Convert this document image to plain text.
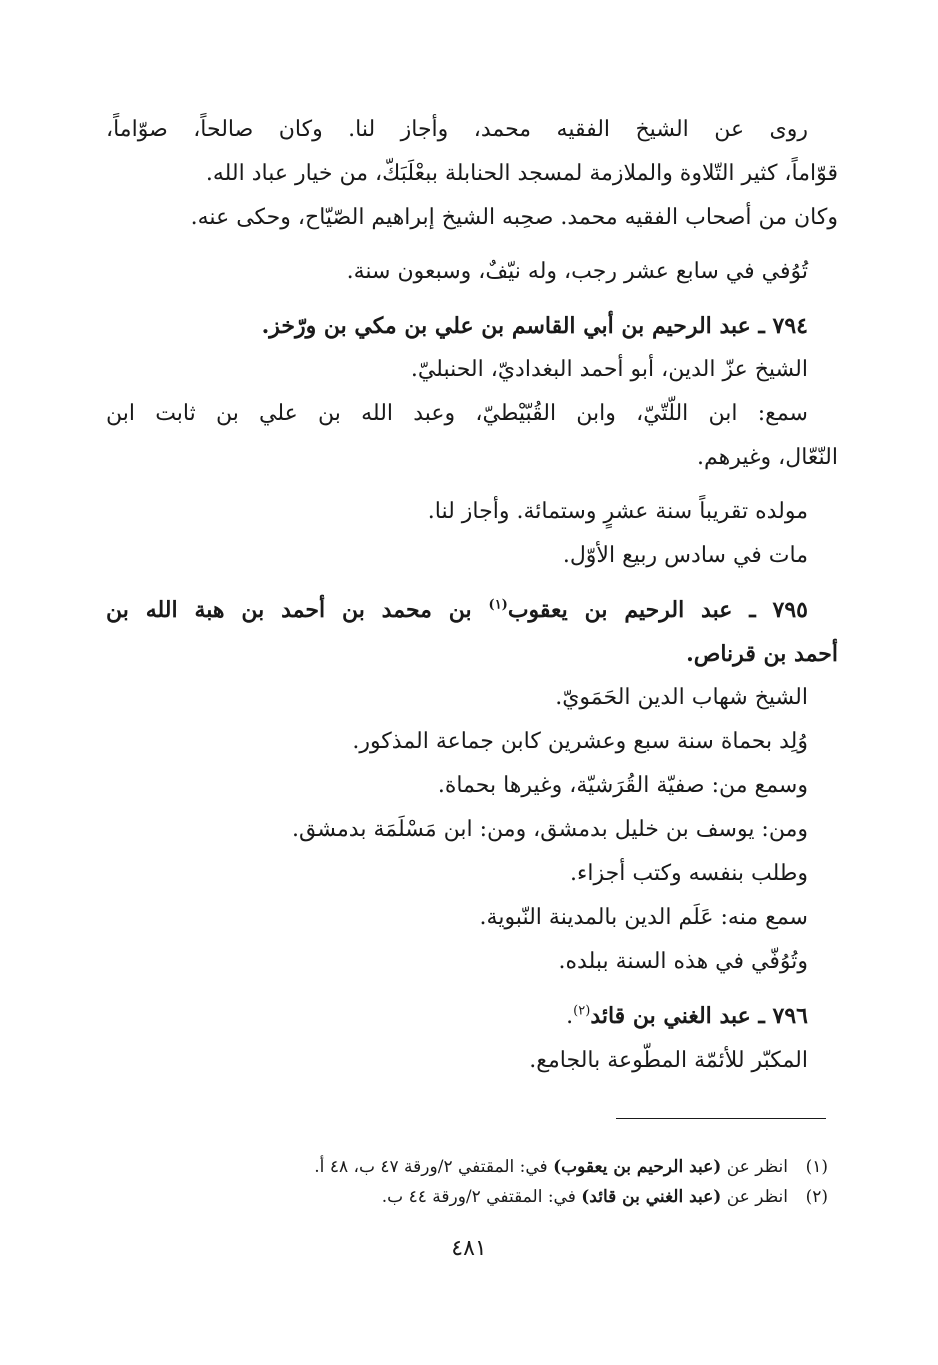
روى عن الشيخ الفقيه محمد، وأجاز لنا. وكان صالحاً، صوّاماً،
قوّاماً، كثير التّلاوة والملازمة لمسجد الحنابلة ببعْلَبَكّ، من خيار عباد الله.
وكان من أصحاب الفقيه محمد. صحِبه الشيخ إبراهيم الصّيّاح، وحكى عنه.
تُوُفي في سابع عشر رجب، وله نيّفٌ، وسبعون سنة.
٧٩٤ ـ عبد الرحيم بن أبي القاسم بن علي بن مكي بن ورّخز.
الشيخ عزّ الدين، أبو أحمد البغداديّ، الحنبليّ.
سمع: ابن اللّتّيّ، وابن القُبّيْطيّ، وعبد الله بن علي بن ثابت ابن
النّعّال، وغيرهم.
مولده تقريباً سنة عشرٍ وستمائة. وأجاز لنا.
مات في سادس ربيع الأوّل.
٧٩٥ ـ عبد الرحيم بن يعقوب$^{(١)}$ بن محمد بن أحمد بن هبة الله بن
أحمد بن قرناص.
الشيخ شهاب الدين الحَمَويّ.
وُلِد بحماة سنة سبع وعشرين كابن جماعة المذكور.
وسمع من: صفيّة القُرَشيّة، وغيرها بحماة.
ومن: يوسف بن خليل بدمشق، ومن: ابن مَسْلَمَة بدمشق.
وطلب بنفسه وكتب أجزاء.
سمع منه: عَلَم الدين بالمدينة النّبوية.
وتُوُفّي في هذه السنة ببلده.
٧٩٦ ـ عبد الغني بن قائد$^{(٢)}$.
المكبّر للأئمّة المطّوعة بالجامع.
(١)انظر عن (عبد الرحيم بن يعقوب) في: المقتفي ٢/ورقة ٤٧ ب، ٤٨ أ.
(٢)انظر عن (عبد الغني بن قائد) في: المقتفي ٢/ورقة ٤٤ ب.
٤٨١
